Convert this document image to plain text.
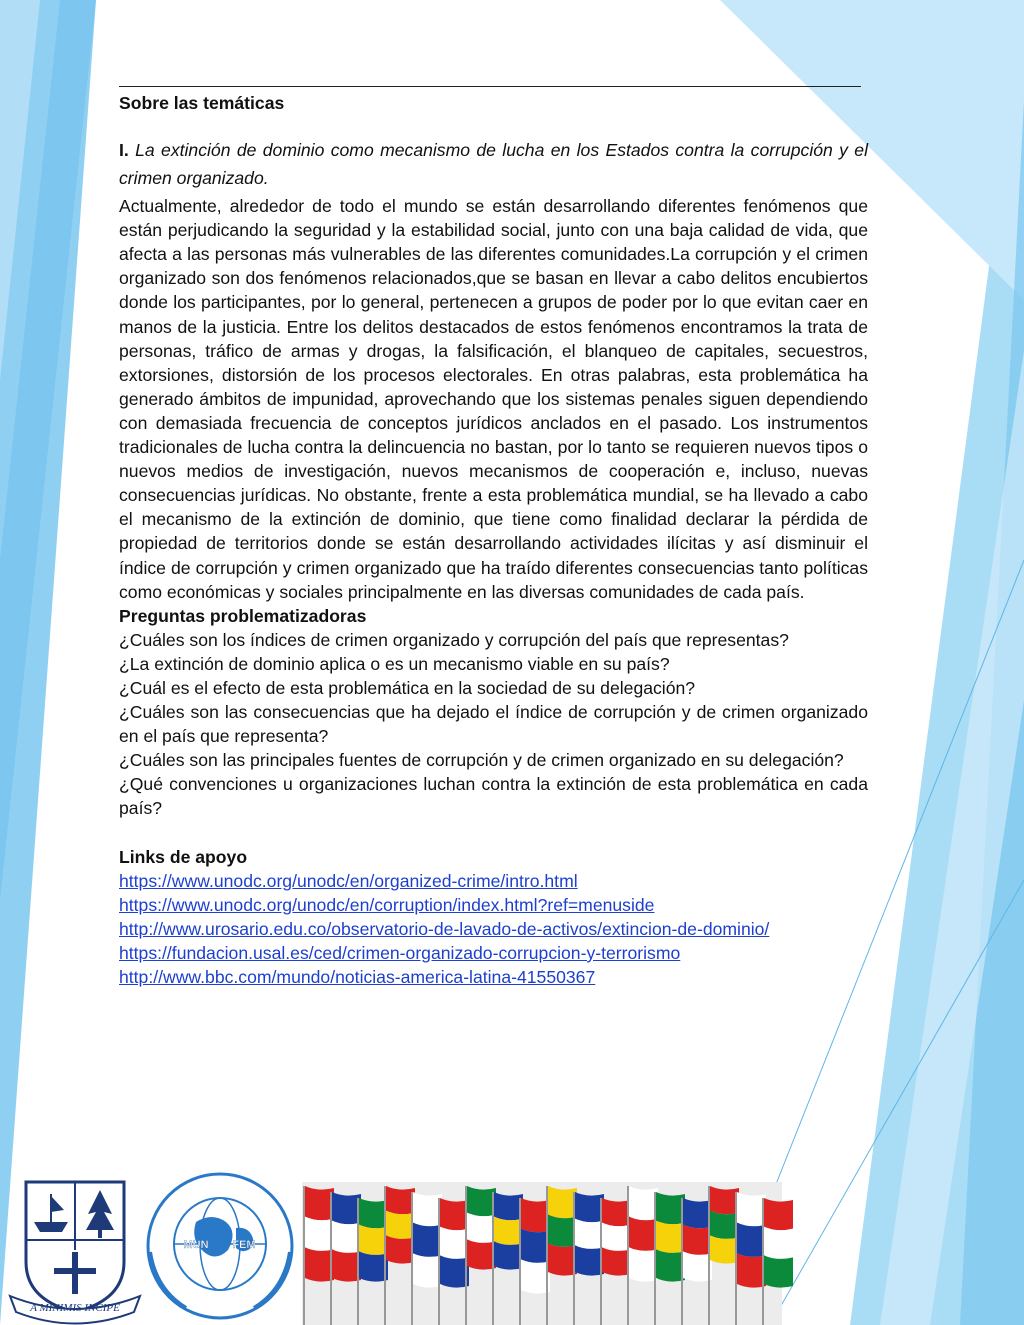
Sobre las temáticas

I. La extinción de dominio como mecanismo de lucha en los Estados contra la corrupción y el crimen organizado.

Actualmente, alrededor de todo el mundo se están desarrollando diferentes fenómenos que están perjudicando la seguridad y la estabilidad social, junto con una baja calidad de vida, que afecta a las personas más vulnerables de las diferentes comunidades.La corrupción y el crimen organizado son dos fenómenos relacionados,que se basan en llevar a cabo delitos encubiertos donde los participantes, por lo general, pertenecen a grupos de poder por lo que evitan caer en manos de la justicia. Entre los delitos destacados de estos fenómenos encontramos la trata de personas, tráfico de armas y drogas, la falsificación, el blanqueo de capitales, secuestros, extorsiones, distorsión de los procesos electorales. En otras palabras, esta problemática ha generado ámbitos de impunidad, aprovechando que los sistemas penales siguen dependiendo con demasiada frecuencia de conceptos jurídicos anclados en el pasado. Los instrumentos tradicionales de lucha contra la delincuencia no bastan, por lo tanto se requieren nuevos tipos o nuevos medios de investigación, nuevos mecanismos de cooperación e, incluso, nuevas consecuencias jurídicas. No obstante, frente a esta problemática mundial, se ha llevado a cabo el mecanismo de la extinción de dominio, que tiene como finalidad declarar la pérdida de propiedad de territorios donde se están desarrollando actividades ilícitas y así disminuir el índice de corrupción y crimen organizado que ha traído diferentes consecuencias tanto políticas como económicas y sociales principalmente en las diversas comunidades de cada país.

Preguntas problematizadoras

¿Cuáles son los índices de crimen organizado y corrupción del país que representas?

¿La extinción de dominio aplica o es un mecanismo viable en su país?

¿Cuál es el efecto de esta problemática en la sociedad de su delegación?

¿Cuáles son las consecuencias que ha dejado el índice de corrupción y de crimen organizado en el país que representa?

¿Cuáles son las principales fuentes de corrupción y de crimen organizado en su delegación?

¿Qué convenciones u organizaciones luchan contra la extinción de esta problemática en cada país?

Links de apoyo
https://www.unodc.org/unodc/en/organized-crime/intro.html
https://www.unodc.org/unodc/en/corruption/index.html?ref=menuside
http://www.urosario.edu.co/observatorio-de-lavado-de-activos/extincion-de-dominio/
https://fundacion.usal.es/ced/crimen-organizado-corrupcion-y-terrorismo
http://www.bbc.com/mundo/noticias-america-latina-41550367
A MINIMIS INCIPE
MUN FEM
